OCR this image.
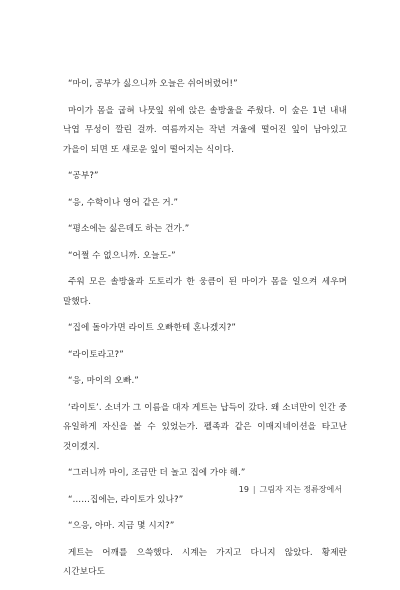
“마이, 공부가 싫으니까 오늘은 쉬어버렸어!”

마이가 몸을 굽혀 나뭇잎 위에 앉은 솔방울을 주웠다. 이 숲은 1년 내내 낙엽 무성이 깔린 걸까. 여름까지는 작년 겨울에 떨어진 잎이 남아있고 가을이 되면 또 새로운 잎이 떨어지는 식이다.

“공부?”

“응, 수학이나 영어 같은 거.”

“평소에는 싫은데도 하는 건가.”

“어쩔 수 없으니까. 오늘도-”

주워 모은 솔방울과 도토리가 한 웅큼이 된 마이가 몸을 일으켜 세우며 말했다.

“집에 돌아가면 라이트 오빠한테 혼나겠지?”

“라이토라고?”

“응, 마이의 오빠.”

‘라이토’. 소녀가 그 이름을 대자 게트는 납득이 갔다. 왜 소녀만이 인간 중 유일하게 자신을 볼 수 있었는가. 펠족과 같은 이매지네이션을 타고난 것이겠지.

“그러니까 마이, 조금만 더 놀고 집에 가야 해.”

“……집에는, 라이토가 있나?”

“으응, 아마. 지금 몇 시지?”

게트는 어깨를 으쓱했다. 시계는 가지고 다니지 않았다. 황제란 시간보다도

19 | 그림자 지는 정류장에서
